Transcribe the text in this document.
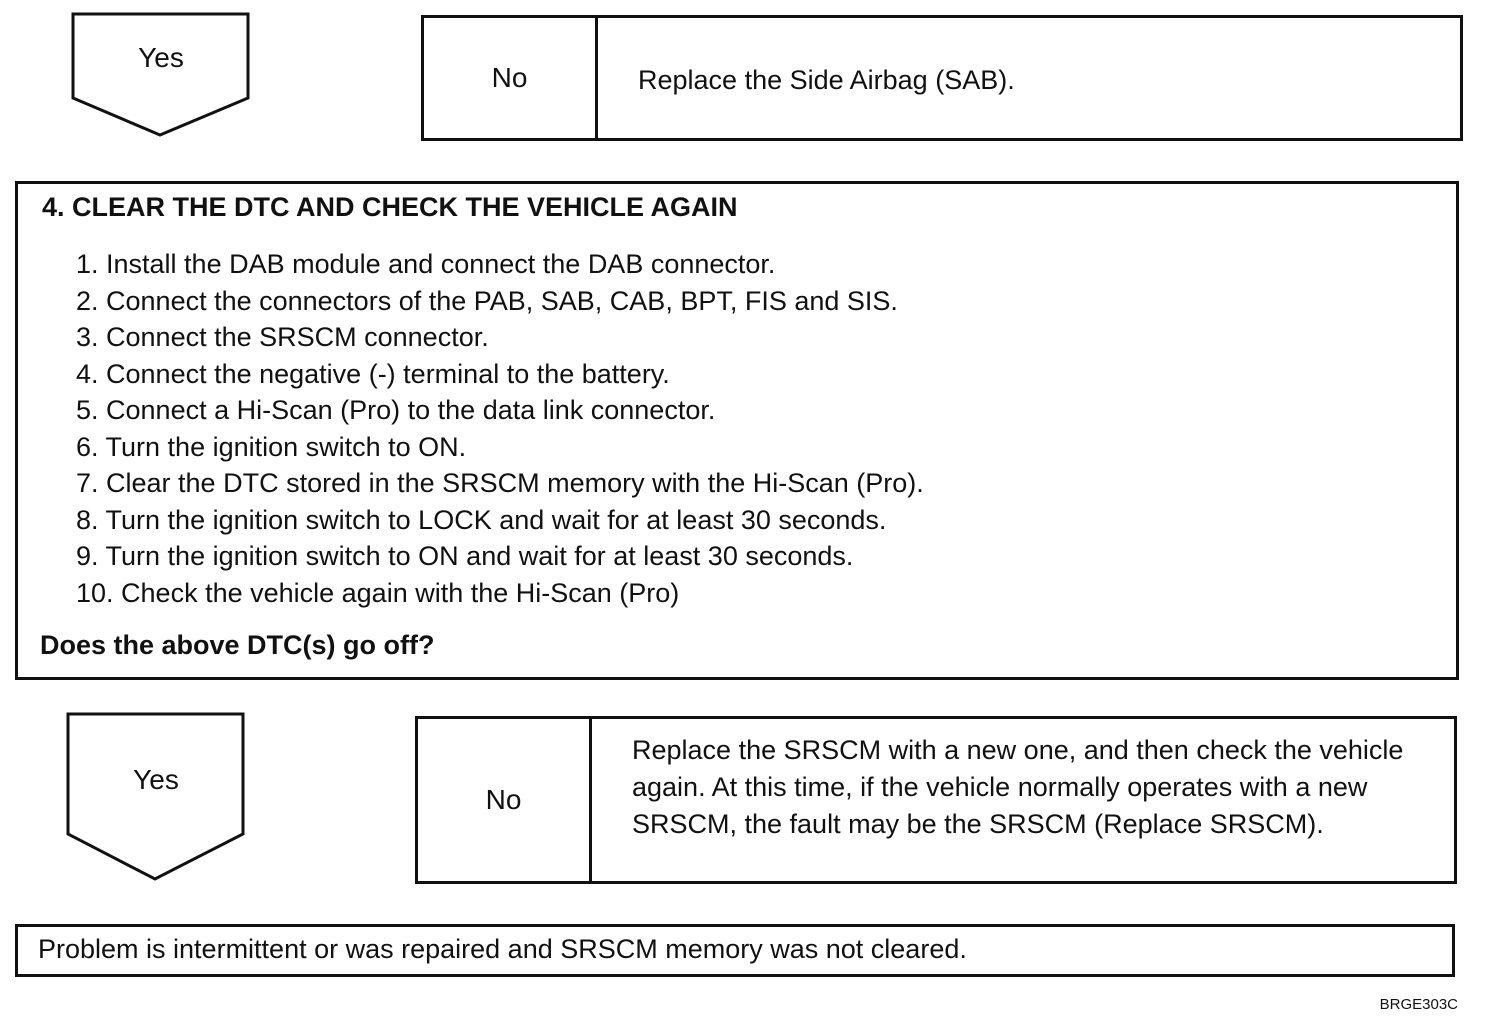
Yes
No	Replace the Side Airbag (SAB).
4. CLEAR THE DTC AND CHECK THE VEHICLE AGAIN
1. Install the DAB module and connect the DAB connector.
2. Connect the connectors of the PAB, SAB, CAB, BPT, FIS and SIS.
3. Connect the SRSCM connector.
4. Connect the negative (-) terminal to the battery.
5. Connect a Hi-Scan (Pro) to the data link connector.
6. Turn the ignition switch to ON.
7. Clear the DTC stored in the SRSCM memory with the Hi-Scan (Pro).
8. Turn the ignition switch to LOCK and wait for at least 30 seconds.
9. Turn the ignition switch to ON and wait for at least 30 seconds.
10. Check the vehicle again with the Hi-Scan (Pro)
Does the above DTC(s) go off?
Yes
No
Replace the SRSCM with a new one, and then check the vehicle again. At this time, if the vehicle normally operates with a new SRSCM, the fault may be the SRSCM (Replace SRSCM).
Problem is intermittent or was repaired and SRSCM memory was not cleared.
BRGE303C
